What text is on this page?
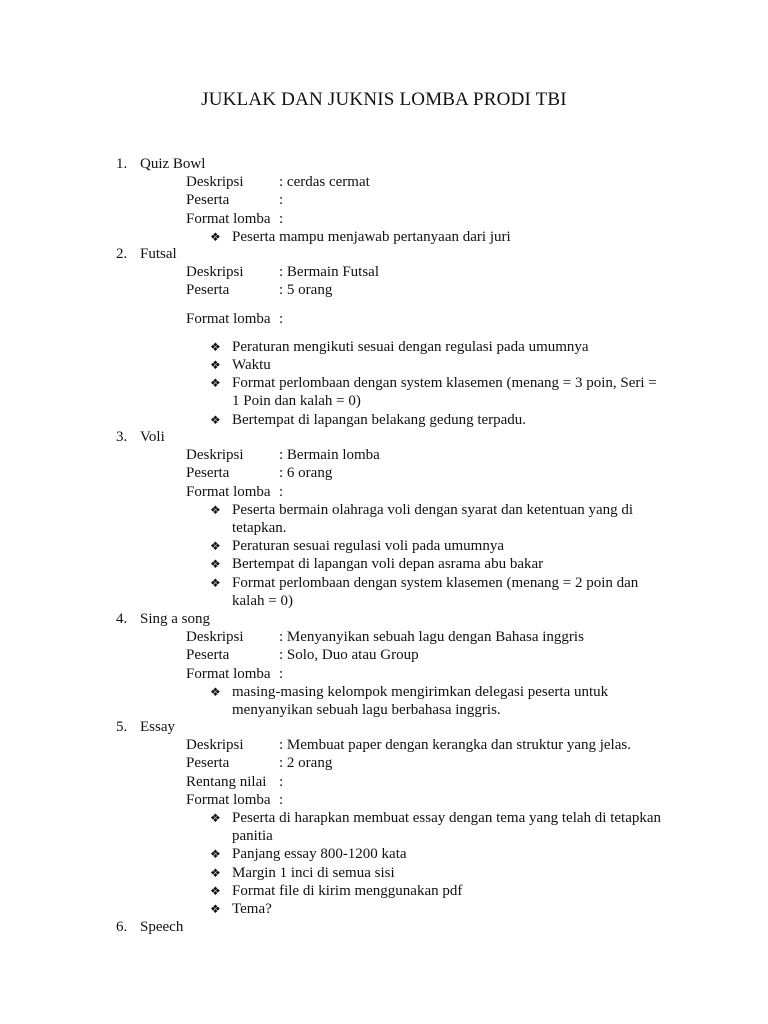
JUKLAK DAN JUKNIS LOMBA PRODI TBI
1. Quiz Bowl
Deskripsi : cerdas cermat
Peserta	:
Format lomba :
❖ Peserta mampu menjawab pertanyaan dari juri
2. Futsal
Deskripsi : Bermain Futsal
Peserta	: 5 orang
Format lomba :
❖ Peraturan mengikuti sesuai dengan regulasi pada umumnya
❖ Waktu
❖ Format perlombaan dengan system klasemen (menang = 3 poin, Seri =
1 Poin dan kalah = 0)
❖ Bertempat di lapangan belakang gedung terpadu.
3. Voli
Deskripsi : Bermain lomba
Peserta	: 6 orang
Format lomba :
❖ Peserta bermain olahraga voli dengan syarat dan ketentuan yang di
tetapkan.
❖ Peraturan sesuai regulasi voli pada umumnya
❖ Bertempat di lapangan voli depan asrama abu bakar
❖ Format perlombaan dengan system klasemen (menang = 2 poin dan
kalah = 0)
4. Sing a song
Deskripsi : Menyanyikan sebuah lagu dengan Bahasa inggris
Peserta	: Solo, Duo atau Group
Format lomba :
❖ masing-masing kelompok mengirimkan delegasi peserta untuk
menyanyikan sebuah lagu berbahasa inggris.
5. Essay
Deskripsi : Membuat paper dengan kerangka dan struktur yang jelas.
Peserta	: 2 orang
Rentang nilai :
Format lomba :
❖ Peserta di harapkan membuat essay dengan tema yang telah di tetapkan
panitia
❖ Panjang essay 800-1200 kata
❖ Margin 1 inci di semua sisi
❖ Format file di kirim menggunakan pdf
❖ Tema?
6. Speech
